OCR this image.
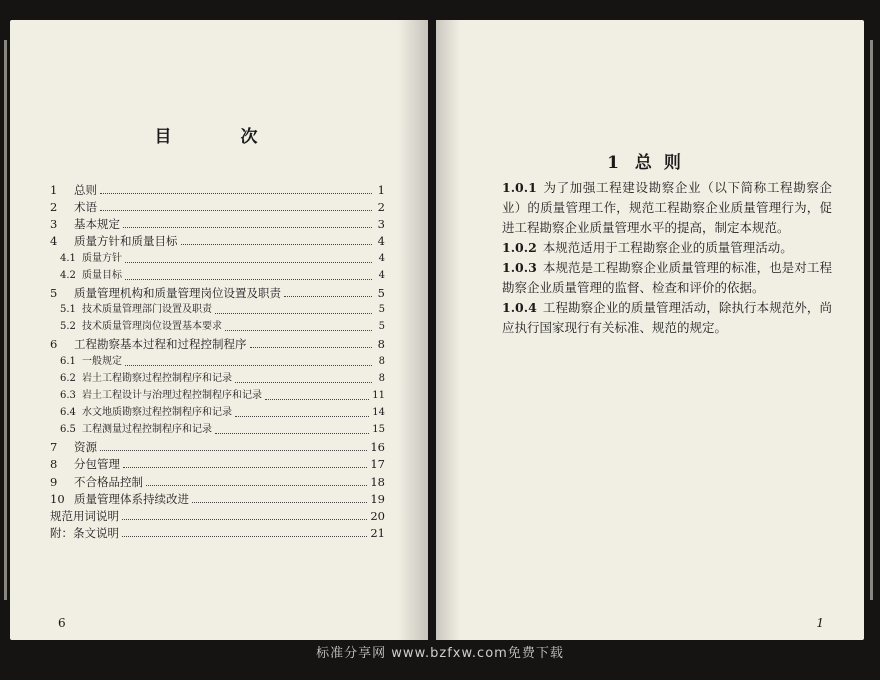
目　次
1	总则	1
2	术语	2
3	基本规定	3
4	质量方针和质量目标	4
4.1 质量方针	4
4.2 质量目标	4
5	质量管理机构和质量管理岗位设置及职责	5
5.1 技术质量管理部门设置及职责	5
5.2 技术质量管理岗位设置基本要求	5
6	工程勘察基本过程和过程控制程序	8
6.1 一般规定	8
6.2 岩土工程勘察过程控制程序和记录	8
6.3 岩土工程设计与治理过程控制程序和记录	11
6.4 水文地质勘察过程控制程序和记录	14
6.5 工程测量过程控制程序和记录	15
7	资源	16
8	分包管理	17
9	不合格品控制	18
10 质量管理体系持续改进	19
规范用词说明	20
附：条文说明	21
6
1 总则

1.0.1 为了加强工程建设勘察企业（以下简称工程勘察企业）的质量管理工作，规范工程勘察企业质量管理行为，促进工程勘察企业质量管理水平的提高，制定本规范。

1.0.2 本规范适用于工程勘察企业的质量管理活动。

1.0.3 本规范是工程勘察企业质量管理的标准，也是对工程勘察企业质量管理的监督、检查和评价的依据。

1.0.4 工程勘察企业的质量管理活动，除执行本规范外，尚应执行国家现行有关标准、规范的规定。

1
标准分享网 www.bzfxw.com免费下载
